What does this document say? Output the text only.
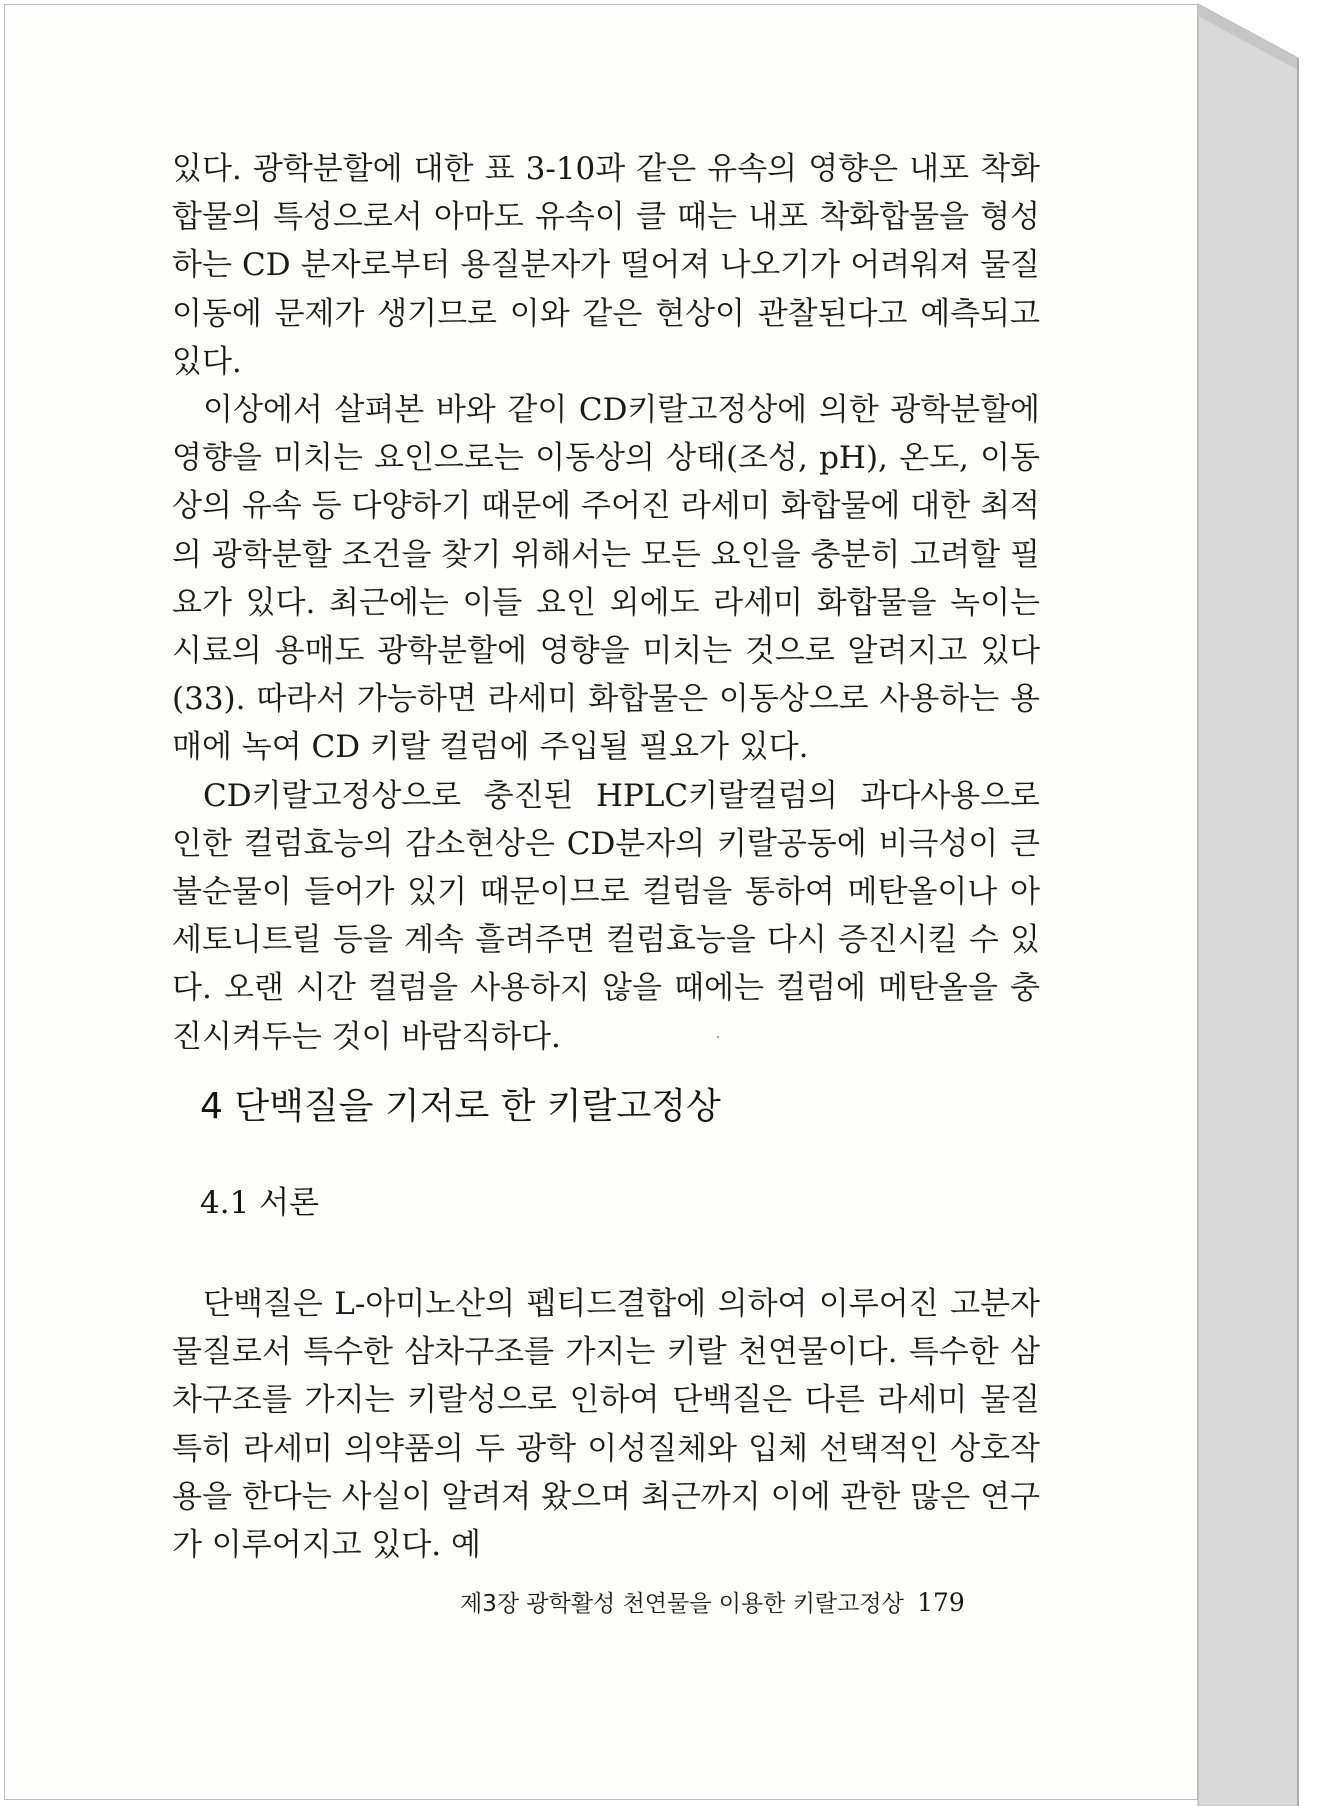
있다. 광학분할에 대한 표 3-10과 같은 유속의 영향은 내포 착화합물의 특성으로서 아마도 유속이 클 때는 내포 착화합물을 형성하는 CD 분자로부터 용질분자가 떨어져 나오기가 어려워져 물질이동에 문제가 생기므로 이와 같은 현상이 관찰된다고 예측되고 있다.

이상에서 살펴본 바와 같이 CD키랄고정상에 의한 광학분할에 영향을 미치는 요인으로는 이동상의 상태(조성, pH), 온도, 이동상의 유속 등 다양하기 때문에 주어진 라세미 화합물에 대한 최적의 광학분할 조건을 찾기 위해서는 모든 요인을 충분히 고려할 필요가 있다. 최근에는 이들 요인 외에도 라세미 화합물을 녹이는 시료의 용매도 광학분할에 영향을 미치는 것으로 알려지고 있다(33). 따라서 가능하면 라세미 화합물은 이동상으로 사용하는 용매에 녹여 CD 키랄 컬럼에 주입될 필요가 있다.

CD키랄고정상으로 충진된 HPLC키랄컬럼의 과다사용으로 인한 컬럼효능의 감소현상은 CD분자의 키랄공동에 비극성이 큰 불순물이 들어가 있기 때문이므로 컬럼을 통하여 메탄올이나 아세토니트릴 등을 계속 흘려주면 컬럼효능을 다시 증진시킬 수 있다. 오랜 시간 컬럼을 사용하지 않을 때에는 컬럼에 메탄올을 충진시켜두는 것이 바람직하다.

4 단백질을 기저로 한 키랄고정상
4.1 서론

단백질은 L-아미노산의 펩티드결합에 의하여 이루어진 고분자물질로서 특수한 삼차구조를 가지는 키랄 천연물이다. 특수한 삼차구조를 가지는 키랄성으로 인하여 단백질은 다른 라세미 물질 특히 라세미 의약품의 두 광학 이성질체와 입체 선택적인 상호작용을 한다는 사실이 알려져 왔으며 최근까지 이에 관한 많은 연구가 이루어지고 있다. 예

제3장 광학활성 천연물을 이용한 키랄고정상 179
